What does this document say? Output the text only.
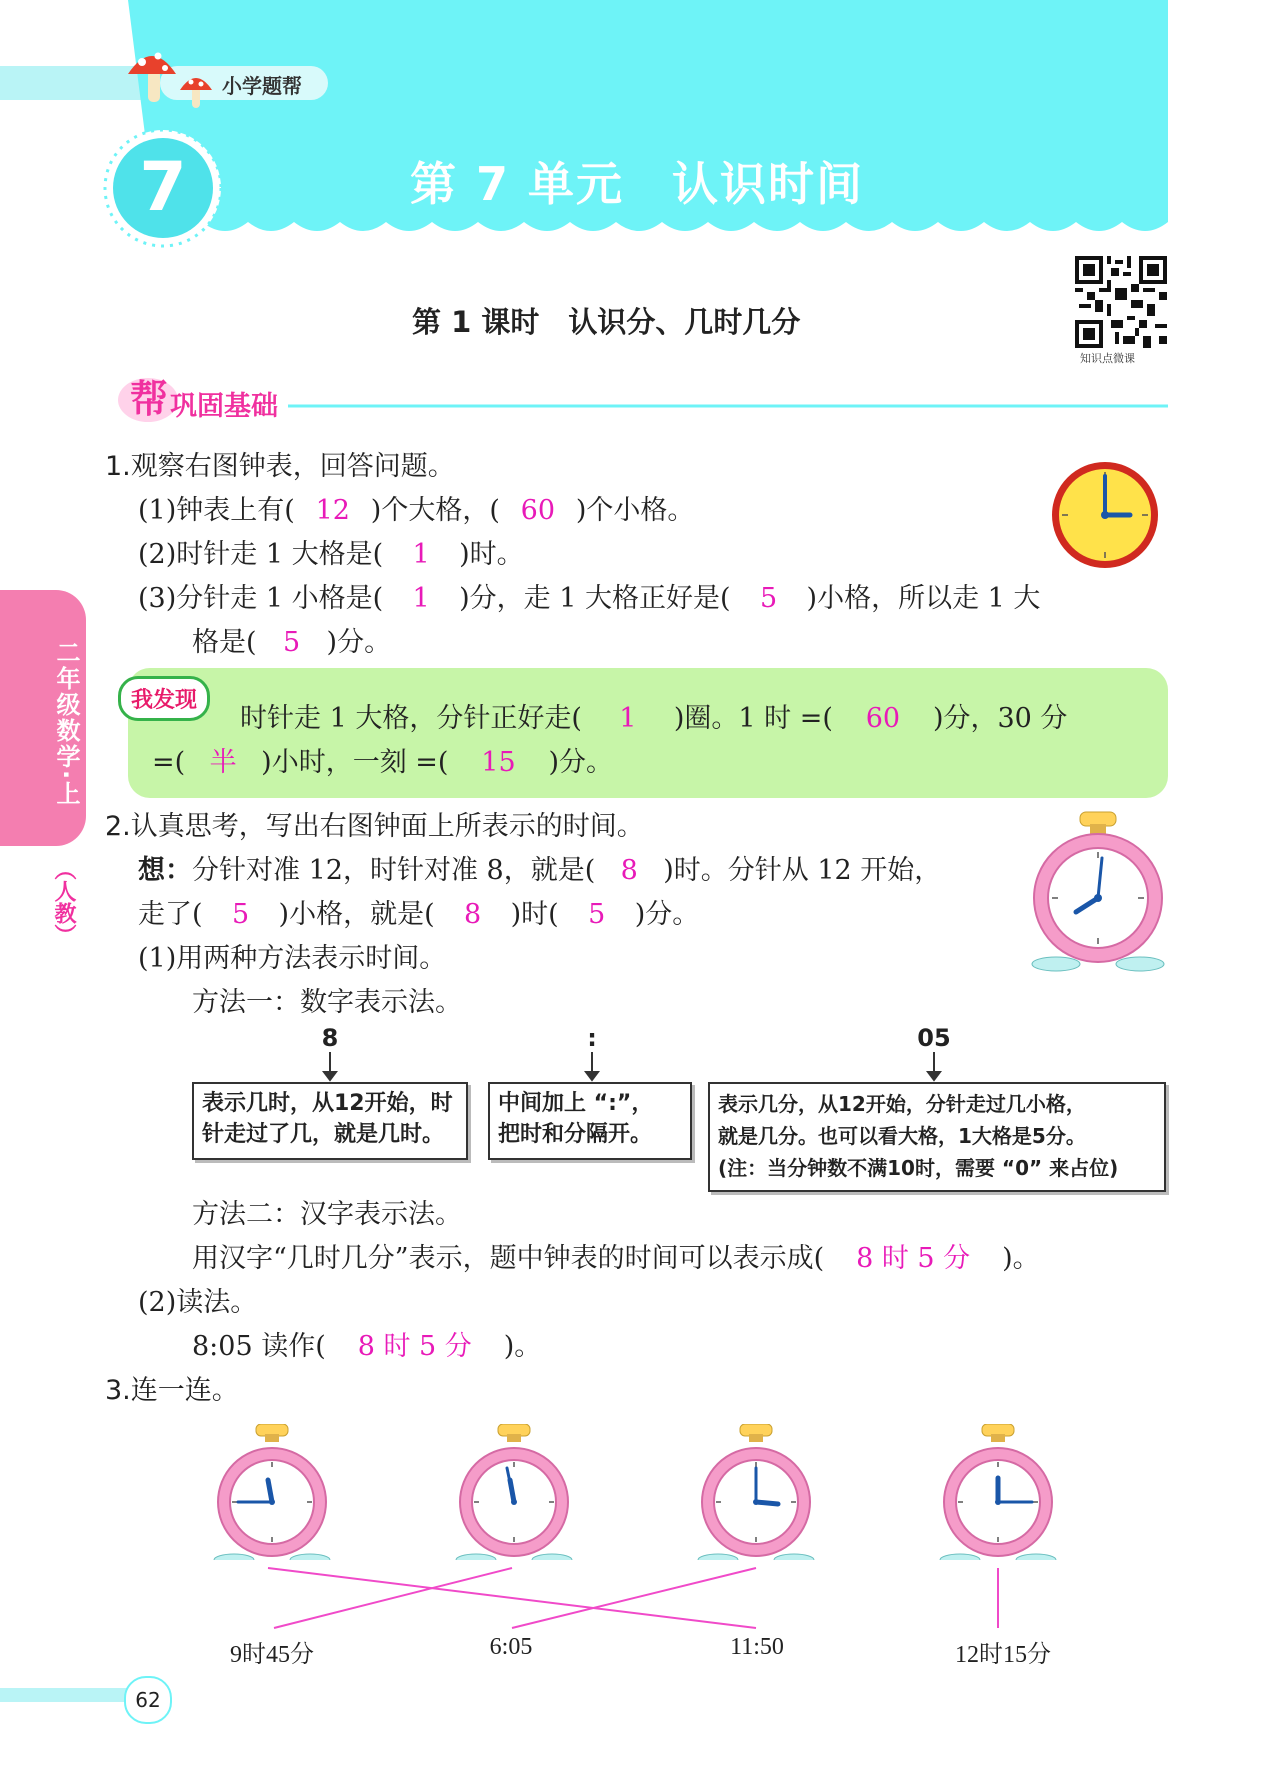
小学题帮
7	第 7 单元　认识时间
第 1 课时　认识分、几时几分
知识点微课
帮 巩固基础
二年级数学·上
（人教）
1.观察右图钟表，回答问题。
(1)钟表上有( 12 )个大格，( 60 )个小格。
(2)时针走 1 大格是( 1 )时。
(3)分针走 1 小格是( 1 )分，走 1 大格正好是( 5 )小格，所以走 1 大
格是( 5 )分。
我发现
时针走 1 大格，分针正好走( 1 )圈。1 时 =( 60 )分，30 分
=( 半 )小时，一刻 =( 15 )分。
2.认真思考，写出右图钟面上所表示的时间。
想：分针对准 12，时针对准 8，就是( 8 )时。分针从 12 开始，
走了( 5 )小格，就是( 8 )时( 5 )分。
(1)用两种方法表示时间。
方法一：数字表示法。
8	:	05
表示几时，从12开始，时
针走过了几，就是几时。
中间加上 “:”，
把时和分隔开。
表示几分，从12开始，分针走过几小格，
就是几分。也可以看大格，1大格是5分。
(注：当分钟数不满10时，需要 “0” 来占位)
方法二：汉字表示法。
用汉字“几时几分”表示，题中钟表的时间可以表示成( 8 时 5 分 )。
(2)读法。
8:05 读作( 8 时 5 分 )。
3.连一连。
9时45分	6:05	11:50	12时15分
62
